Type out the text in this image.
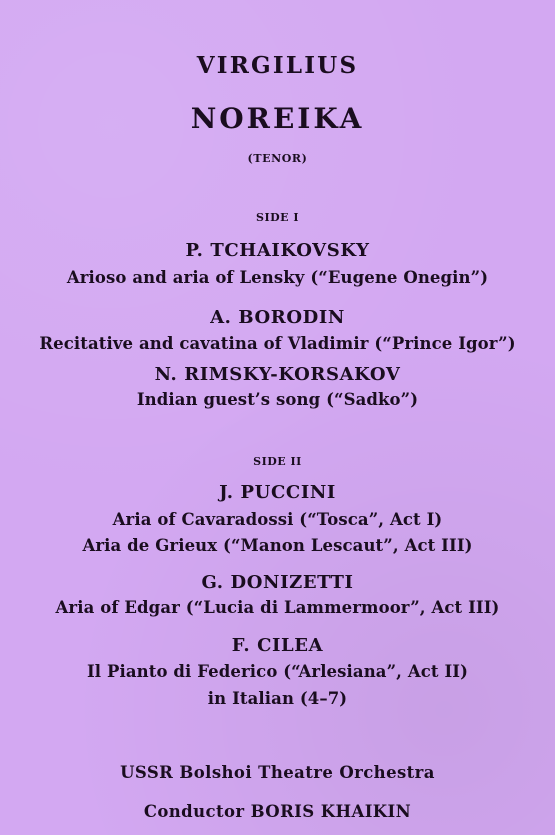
VIRGILIUS
NOREIKA
(TENOR)
SIDE I
P. TCHAIKOVSKY
Arioso and aria of Lensky (“Eugene Onegin”)
A. BORODIN
Recitative and cavatina of Vladimir (“Prince Igor”)
N. RIMSKY-KORSAKOV
Indian guest’s song (“Sadko”)
SIDE II
J. PUCCINI
Aria of Cavaradossi (“Tosca”, Act I)
Aria de Grieux (“Manon Lescaut”, Act III)
G. DONIZETTI
Aria of Edgar (“Lucia di Lammermoor”, Act III)
F. CILEA
Il Pianto di Federico (“Arlesiana”, Act II)
in Italian (4–7)
USSR Bolshoi Theatre Orchestra
Conductor BORIS KHAIKIN
